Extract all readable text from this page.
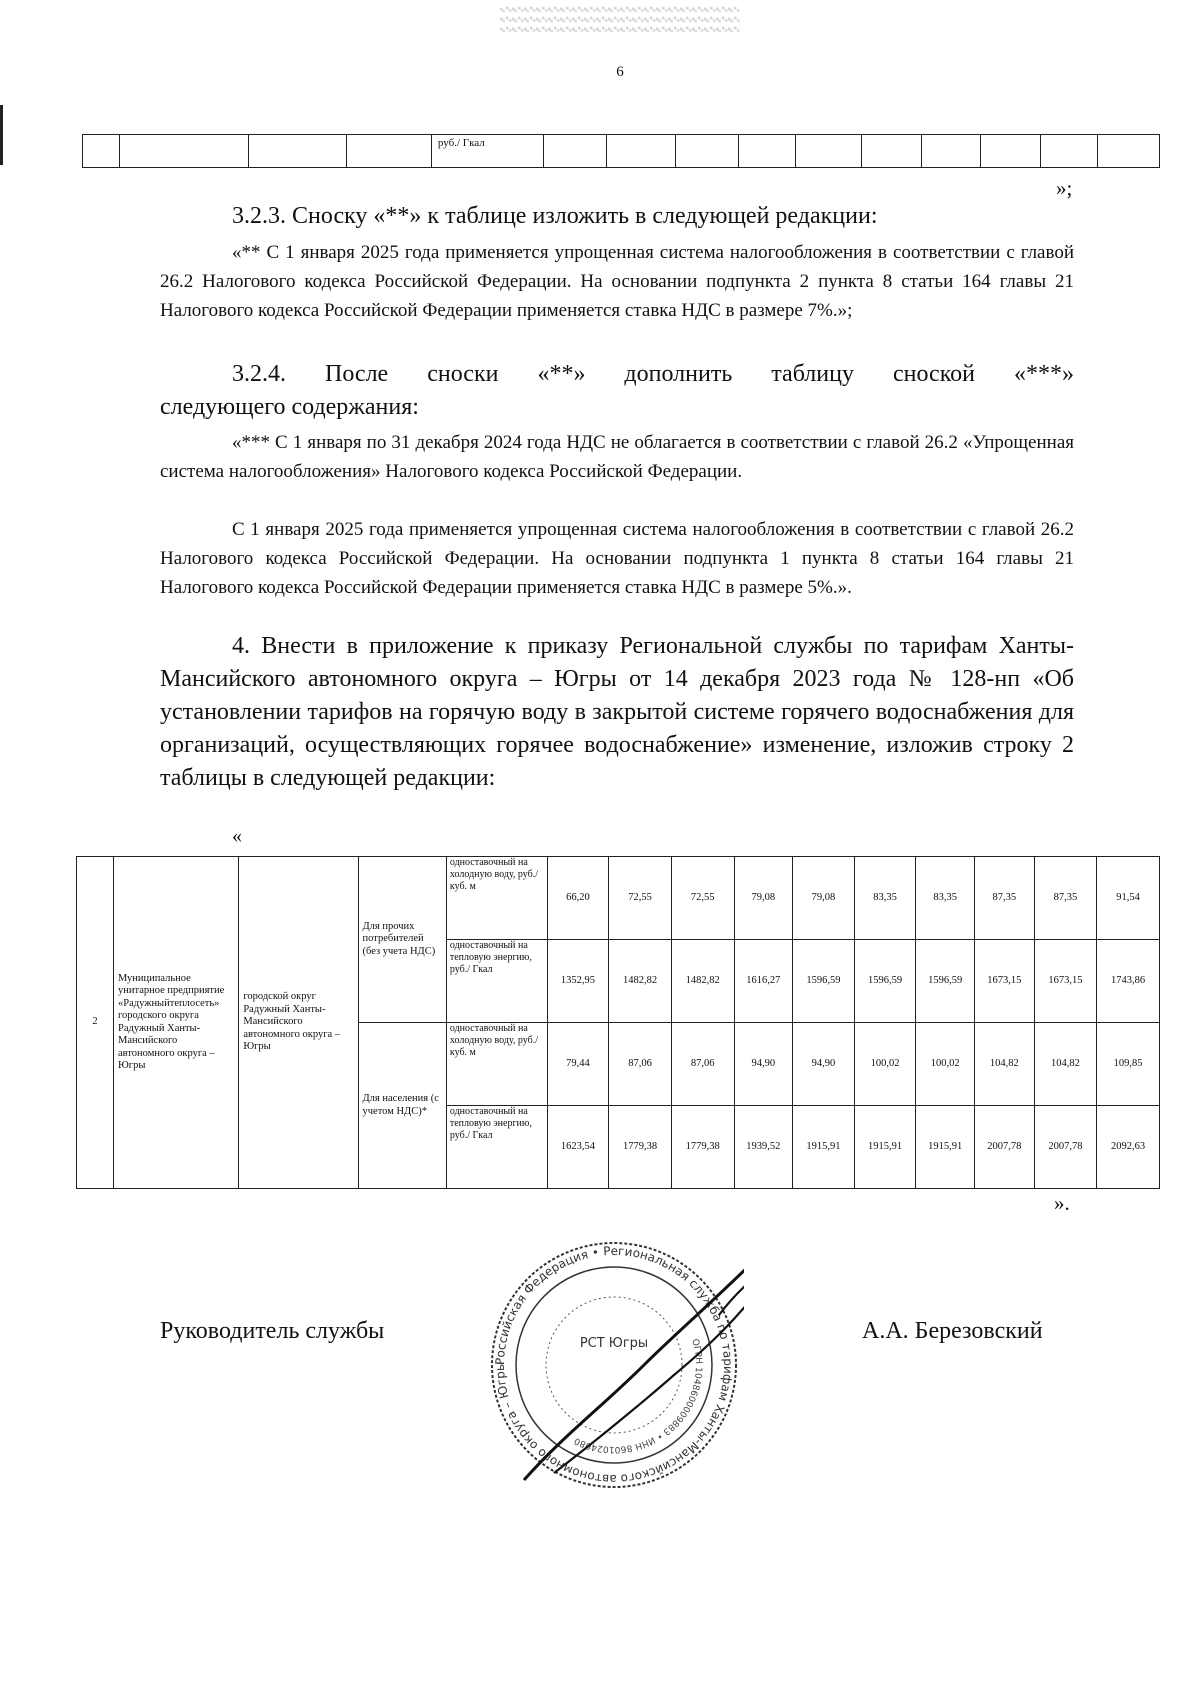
6
				руб./ Гкал										
»;
3.2.3. Сноску «**» к таблице изложить в следующей редакции:
«** С 1 января 2025 года применяется упрощенная система налогообложения в соответствии с главой 26.2 Налогового кодекса Российской Федерации. На основании подпункта 2 пункта 8 статьи 164 главы 21 Налогового кодекса Российской Федерации применяется ставка НДС в размере 7%.»;
3.2.4. После сноски «**» дополнить таблицу сноской «***»
следующего содержания:
«*** С 1 января по 31 декабря 2024 года НДС не облагается в соответствии с главой 26.2 «Упрощенная система налогообложения» Налогового кодекса Российской Федерации.
С 1 января 2025 года применяется упрощенная система налогообложения в соответствии с главой 26.2 Налогового кодекса Российской Федерации. На основании подпункта 1 пункта 8 статьи 164 главы 21 Налогового кодекса Российской Федерации применяется ставка НДС в размере 5%.».
4. Внести в приложение к приказу Региональной службы по тарифам Ханты-Мансийского автономного округа – Югры от 14 декабря 2023 года № 128-нп «Об установлении тарифов на горячую воду в закрытой системе горячего водоснабжения для организаций, осуществляющих горячее водоснабжение» изменение, изложив строку 2 таблицы в следующей редакции:
«
2	Муниципальное унитарное предприятие «Радужныйтеплосеть» городского округа Радужный Ханты-Мансийского автономного округа – Югры	городской округ Радужный Ханты-Мансийского автономного округа – Югры	Для прочих потребителей (без учета НДС)	одноставочный на холодную воду, руб./куб. м	66,20	72,55	72,55	79,08	79,08	83,35	83,35	87,35	87,35	91,54
				одноставочный на тепловую энергию, руб./ Гкал	1352,95	1482,82	1482,82	1616,27	1596,59	1596,59	1596,59	1673,15	1673,15	1743,86
			Для населения (с учетом НДС)*	одноставочный на холодную воду, руб./куб. м	79,44	87,06	87,06	94,90	94,90	100,02	100,02	104,82	104,82	109,85
				одноставочный на тепловую энергию, руб./ Гкал	1623,54	1779,38	1779,38	1939,52	1915,91	1915,91	1915,91	2007,78	2007,78	2092,63
».
Руководитель службы	А.А. Березовский
Российская Федерация • Региональная служба по тарифам Ханты-Мансийского автономного округа – Югры
ОГРН 1048600009883 • ИНН 8601024080
РСТ Югры
